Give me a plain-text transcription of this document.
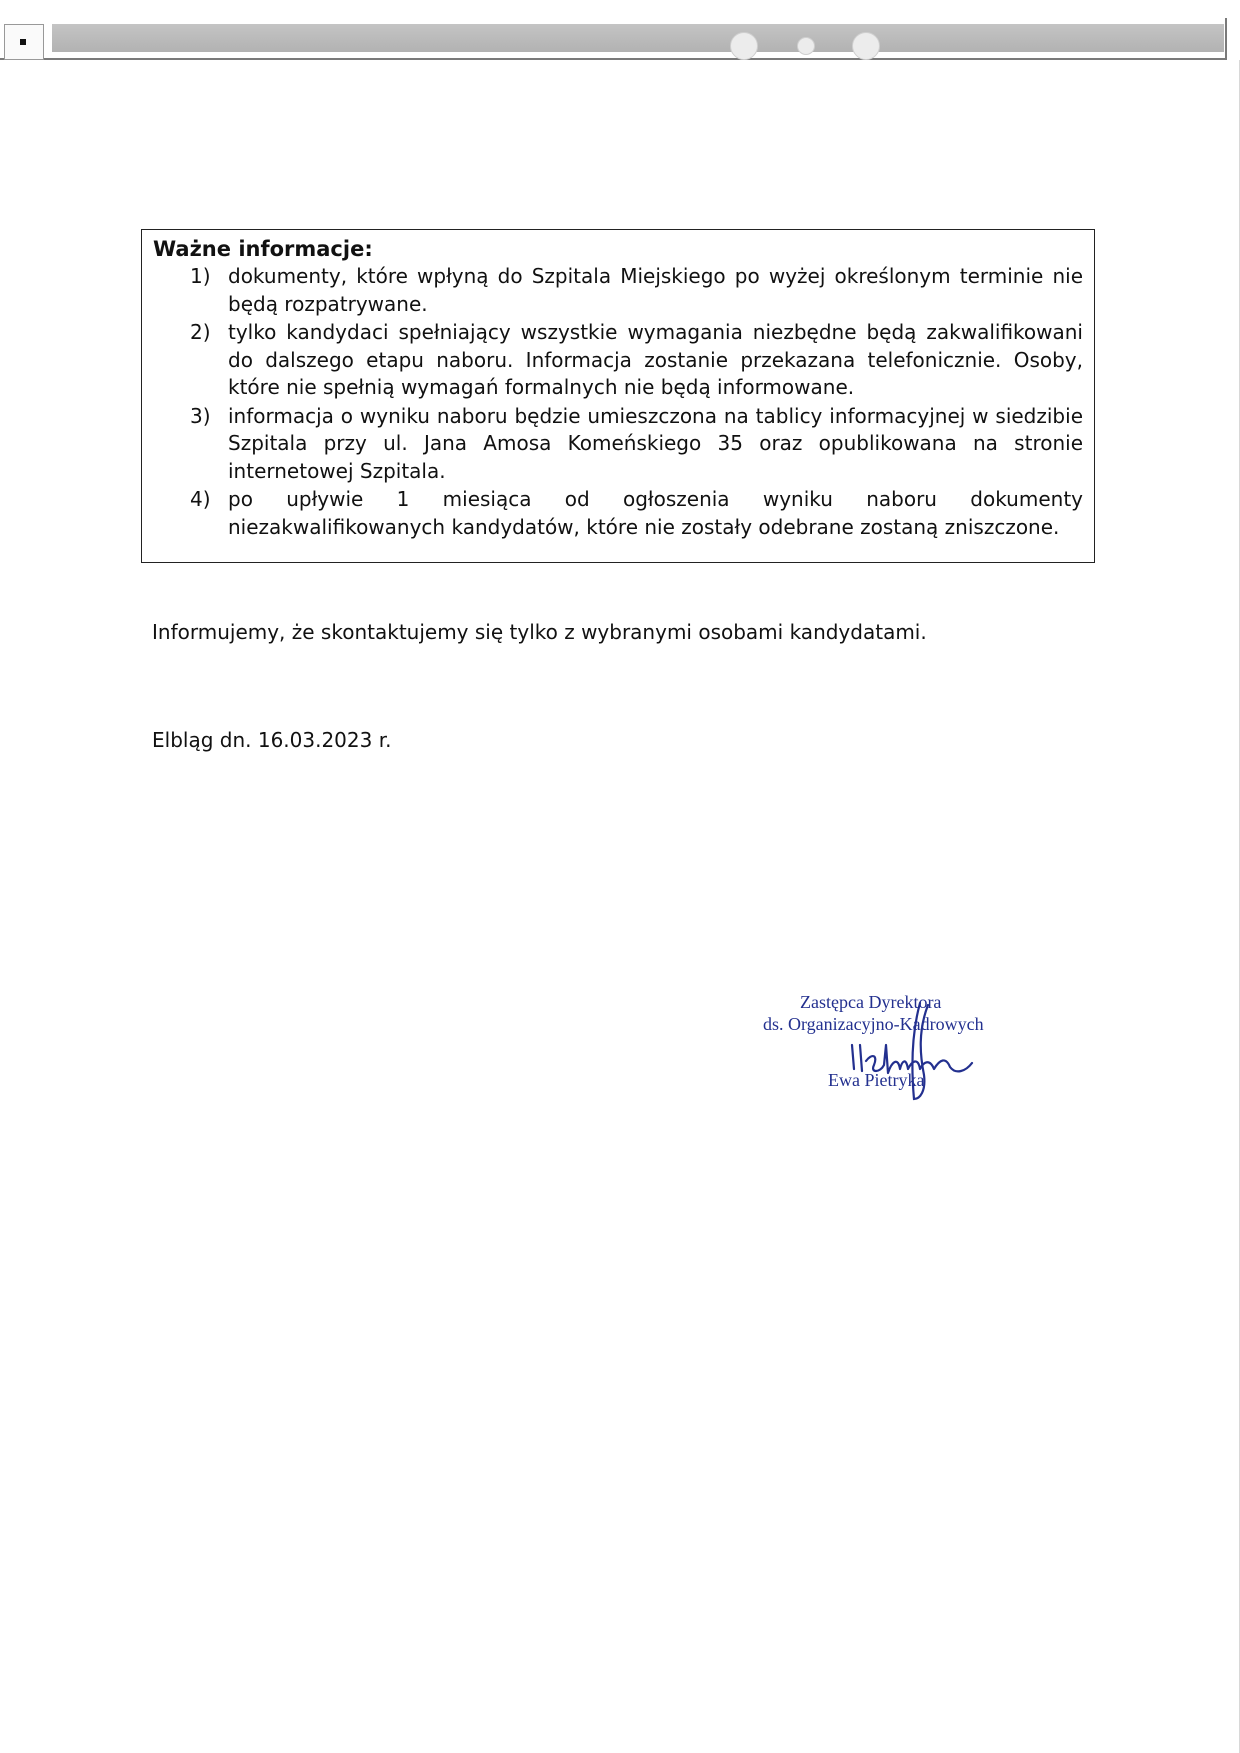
Ważne informacje:
1) dokumenty, które wpłyną do Szpitala Miejskiego po wyżej określonym terminie nie będą rozpatrywane.
2) tylko kandydaci spełniający wszystkie wymagania niezbędne będą zakwalifikowani do dalszego etapu naboru. Informacja zostanie przekazana telefonicznie. Osoby, które nie spełnią wymagań formalnych nie będą informowane.
3) informacja o wyniku naboru będzie umieszczona na tablicy informacyjnej w siedzibie Szpitala przy ul. Jana Amosa Komeńskiego 35 oraz opublikowana na stronie internetowej Szpitala.
4) po upływie 1 miesiąca od ogłoszenia wyniku naboru dokumenty niezakwalifikowanych kandydatów, które nie zostały odebrane zostaną zniszczone.

Informujemy, że skontaktujemy się tylko z wybranymi osobami kandydatami.

Elbląg dn. 16.03.2023 r.

Zastępca Dyrektora
ds. Organizacyjno-Kadrowych
Ewa Pietryka
